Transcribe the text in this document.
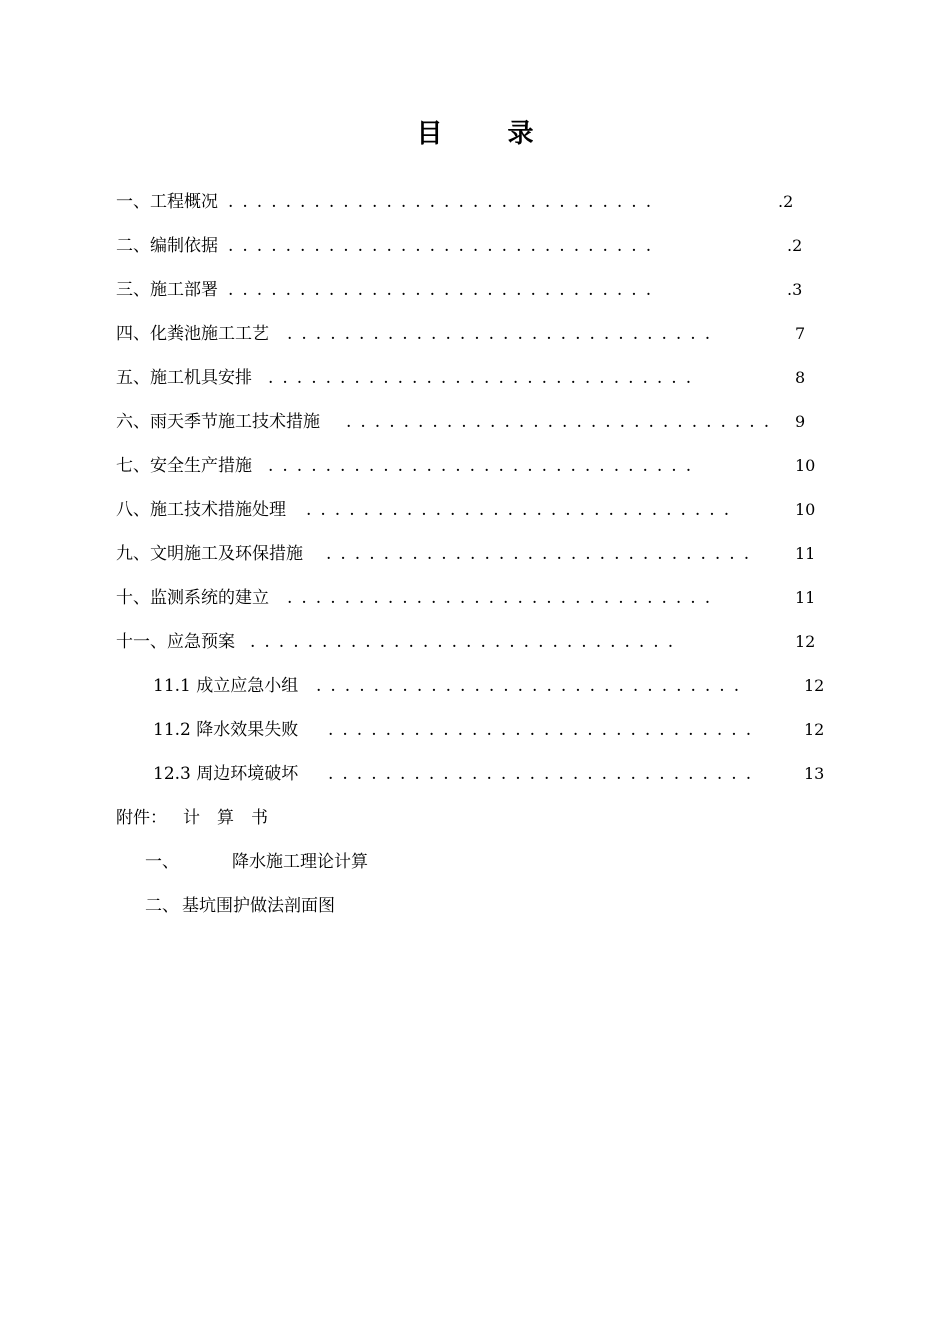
目 录
一、工程概况 ..............................	.2
二、编制依据 ..............................	.2
三、施工部署 ..............................	.3
四、化粪池施工工艺 ..............................	7
五、施工机具安排 ..............................	8
六、雨天季节施工技术措施 ..............................	9
七、安全生产措施 ..............................	10
八、施工技术措施处理 ..............................	10
九、文明施工及环保措施 ..............................	11
十、监测系统的建立 ..............................	11
十一、应急预案 ..............................	12
11.1 成立应急小组 ..............................	12
11.2 降水效果失败 ..............................	12
12.3 周边环境破坏 ..............................	13
附件： 计　算　书
一、	降水施工理论计算
二、 基坑围护做法剖面图
